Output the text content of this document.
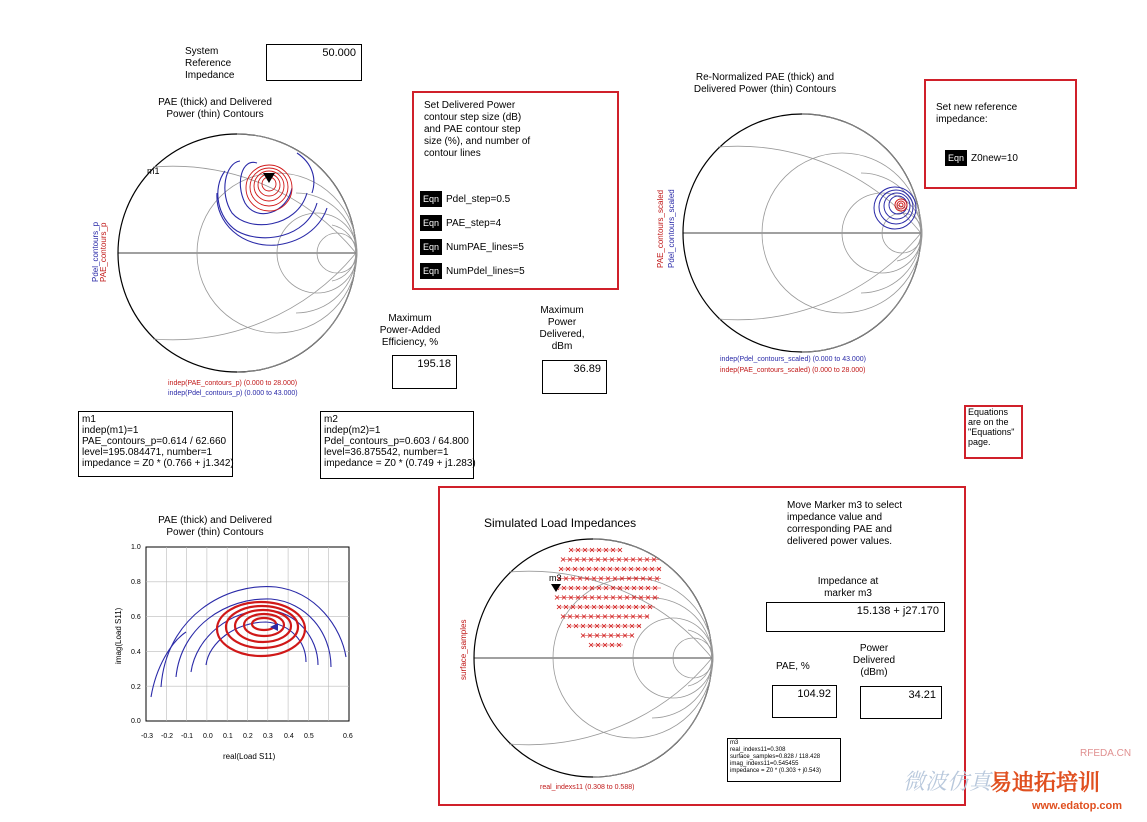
System
Reference
Impedance
50.000
PAE (thick) and Delivered
Power (thin) Contours
m1
Pdel_contours_p PAE_contours_p
indep(PAE_contours_p) (0.000 to 28.000)
indep(Pdel_contours_p) (0.000 to 43.000)
Set Delivered Power
contour step size (dB)
and PAE contour step
size (%), and number of
contour lines
Eqn Pdel_step=0.5
Eqn PAE_step=4
Eqn NumPAE_lines=5
Eqn NumPdel_lines=5
Re-Normalized PAE (thick) and
Delivered Power (thin) Contours
PAE_contours_scaled Pdel_contours_scaled
indep(Pdel_contours_scaled) (0.000 to 43.000)
indep(PAE_contours_scaled) (0.000 to 28.000)
Set new reference
impedance:
Eqn Z0new=10
Maximum
Power-Added
Efficiency, %
195.18
Maximum
Power
Delivered,
dBm
36.89
m1
indep(m1)=1
PAE_contours_p=0.614 / 62.660
level=195.084471, number=1
impedance = Z0 * (0.766 + j1.342)
m2
indep(m2)=1
Pdel_contours_p=0.603 / 64.800
level=36.875542, number=1
impedance = Z0 * (0.749 + j1.283)
Equations
are on the
"Equations"
page.
PAE (thick) and Delivered
Power (thin) Contours
1.0
0.8
0.6
0.4
0.2
0.0
-0.3 -0.2 -0.1 0.0 0.1 0.2 0.3 0.4 0.5	0.6
real(Load S11)
imag(Load S11)
Simulated Load Impedances
Move Marker m3 to select
impedance value and
corresponding PAE and
delivered power values.
m3
surface_samples
real_indexs11 (0.308 to 0.588)
Impedance at
marker m3
15.138 + j27.170
PAE, %
104.92
Power
Delivered
(dBm)
34.21
m3
real_indexs11=0.308
surface_samples=0.828 / 118.428
imag_indexs11=0.545455
impedance = Z0 * (0.303 + j0.543)
RFEDA.CN
微波仿真
易迪拓培训
www.edatop.com
